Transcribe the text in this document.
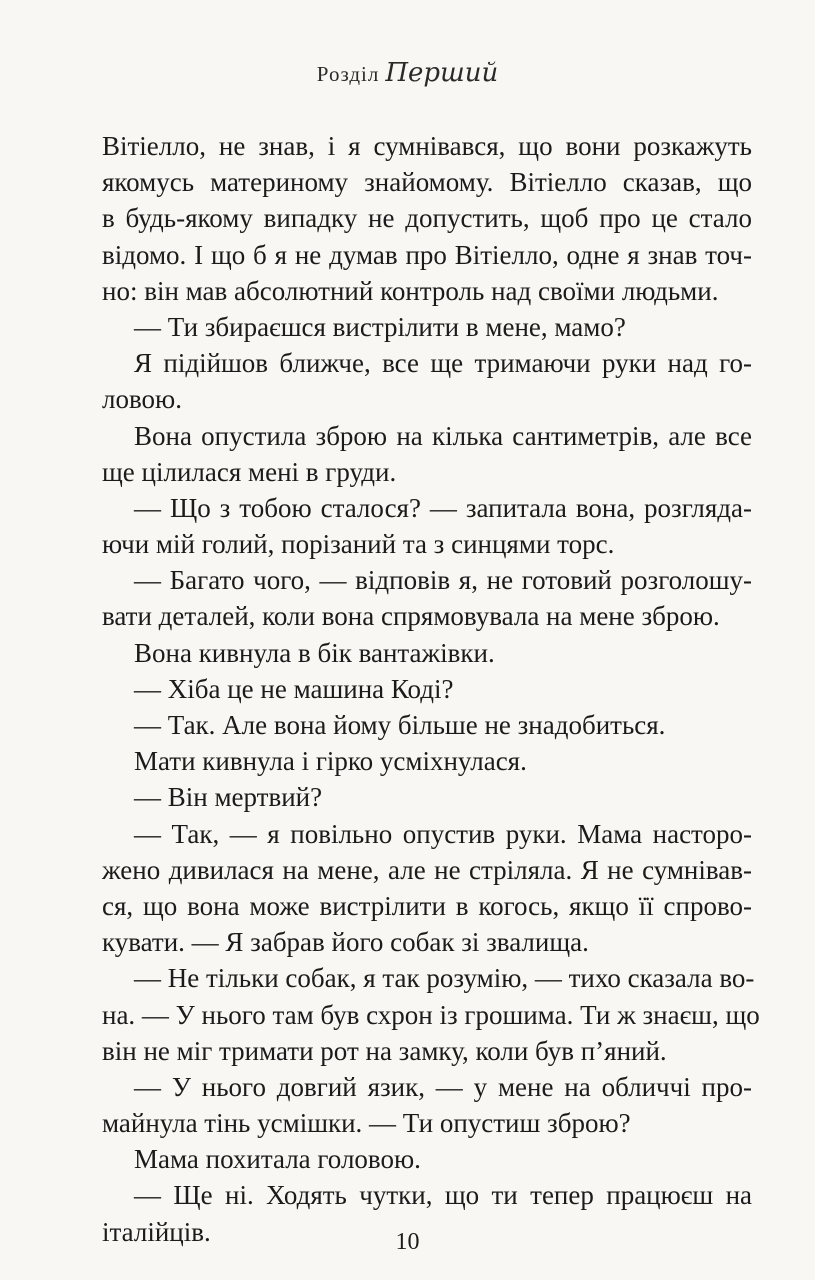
Розділ Перший
Вітіелло, не знав, і я сумнівався, що вони розкажуть
якомусь материному знайомому. Вітіелло сказав, що
в будь-якому випадку не допустить, щоб про це стало
відомо. І що б я не думав про Вітіелло, одне я знав точ-
но: він мав абсолютний контроль над своїми людьми.
— Ти збираєшся вистрілити в мене, мамо?
Я підійшов ближче, все ще тримаючи руки над го-
ловою.
Вона опустила зброю на кілька сантиметрів, але все
ще цілилася мені в груди.
— Що з тобою сталося? — запитала вона, розгляда-
ючи мій голий, порізаний та з синцями торс.
— Багато чого, — відповів я, не готовий розголошу-
вати деталей, коли вона спрямовувала на мене зброю.
Вона кивнула в бік вантажівки.
— Хіба це не машина Коді?
— Так. Але вона йому більше не знадобиться.
Мати кивнула і гірко усміхнулася.
— Він мертвий?
— Так, — я повільно опустив руки. Мама насторо-
жено дивилася на мене, але не стріляла. Я не сумнівав-
ся, що вона може вистрілити в когось, якщо її спрово-
кувати. — Я забрав його собак зі звалища.
— Не тільки собак, я так розумію, — тихо сказала во-
на. — У нього там був схрон із грошима. Ти ж знаєш, що
він не міг тримати рот на замку, коли був п’яний.
— У нього довгий язик, — у мене на обличчі про-
майнула тінь усмішки. — Ти опустиш зброю?
Мама похитала головою.
— Ще ні. Ходять чутки, що ти тепер працюєш на
італійців.	10
